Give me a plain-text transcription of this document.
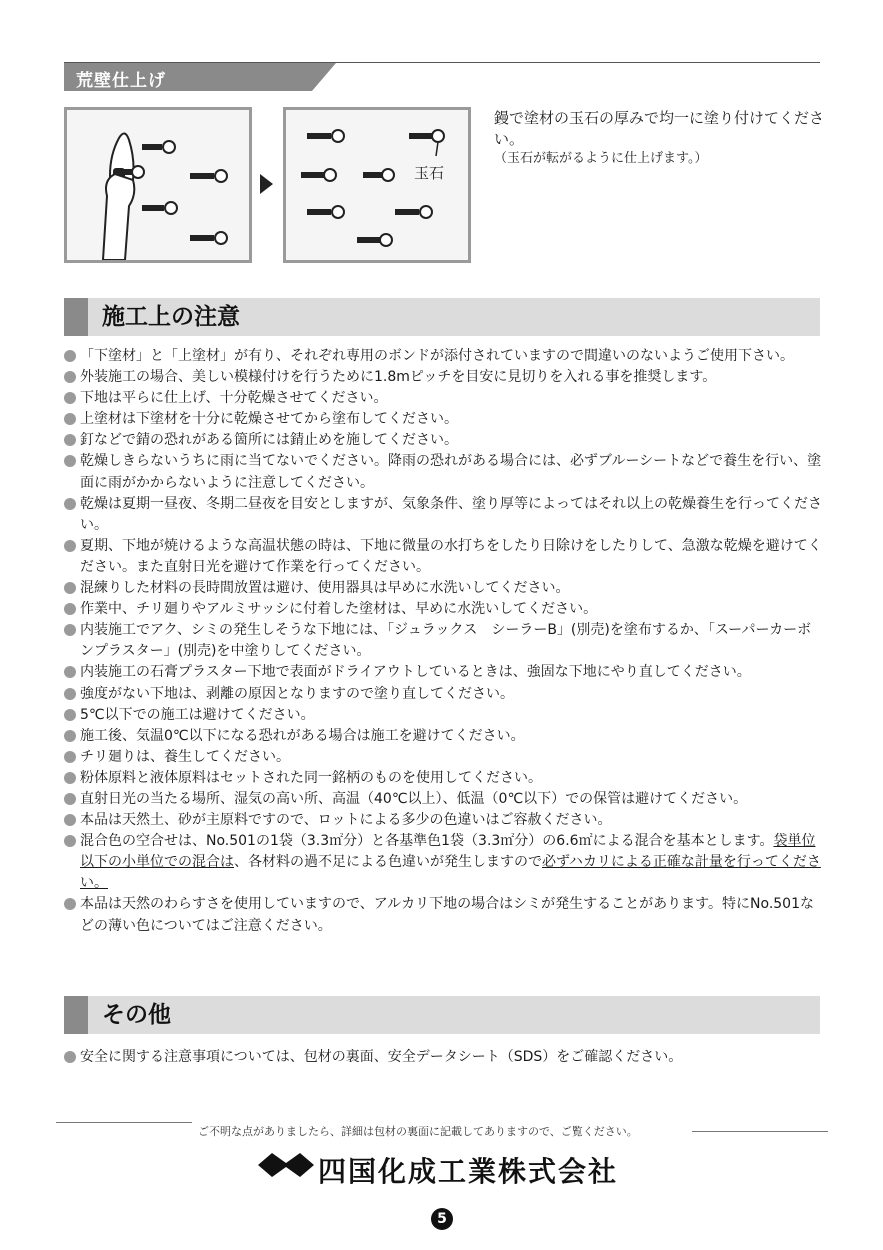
荒壁仕上げ
玉石
鏝で塗材の玉石の厚みで均一に塗り付けてください。
（玉石が転がるように仕上げます。）
施工上の注意
「下塗材」と「上塗材」が有り、それぞれ専用のボンドが添付されていますので間違いのないようご使用下さい。
外装施工の場合、美しい模様付けを行うために1.8mピッチを目安に見切りを入れる事を推奨します。
下地は平らに仕上げ、十分乾燥させてください。
上塗材は下塗材を十分に乾燥させてから塗布してください。
釘などで錆の恐れがある箇所には錆止めを施してください。
乾燥しきらないうちに雨に当てないでください。降雨の恐れがある場合には、必ずブルーシートなどで養生を行い、塗面に雨がかからないように注意してください。
乾燥は夏期一昼夜、冬期二昼夜を目安としますが、気象条件、塗り厚等によってはそれ以上の乾燥養生を行ってください。
夏期、下地が焼けるような高温状態の時は、下地に微量の水打ちをしたり日除けをしたりして、急激な乾燥を避けてください。また直射日光を避けて作業を行ってください。
混練りした材料の長時間放置は避け、使用器具は早めに水洗いしてください。
作業中、チリ廻りやアルミサッシに付着した塗材は、早めに水洗いしてください。
内装施工でアク、シミの発生しそうな下地には、「ジュラックス　シーラーB」(別売)を塗布するか、「スーパーカーボンプラスター」(別売)を中塗りしてください。
内装施工の石膏プラスター下地で表面がドライアウトしているときは、強固な下地にやり直してください。
強度がない下地は、剥離の原因となりますので塗り直してください。
5℃以下での施工は避けてください。
施工後、気温0℃以下になる恐れがある場合は施工を避けてください。
チリ廻りは、養生してください。
粉体原料と液体原料はセットされた同一銘柄のものを使用してください。
直射日光の当たる場所、湿気の高い所、高温（40℃以上）、低温（0℃以下）での保管は避けてください。
本品は天然土、砂が主原料ですので、ロットによる多少の色違いはご容赦ください。
混合色の空合せは、No.501の1袋（3.3㎡分）と各基準色1袋（3.3㎡分）の6.6㎡による混合を基本とします。袋単位以下の小単位での混合は、各材料の過不足による色違いが発生しますので必ずハカリによる正確な計量を行ってください。
本品は天然のわらすさを使用していますので、アルカリ下地の場合はシミが発生することがあります。特にNo.501などの薄い色についてはご注意ください。
その他
安全に関する注意事項については、包材の裏面、安全データシート（SDS）をご確認ください。
ご不明な点がありましたら、詳細は包材の裏面に記載してありますので、ご覧ください。
四国化成工業株式会社
5
